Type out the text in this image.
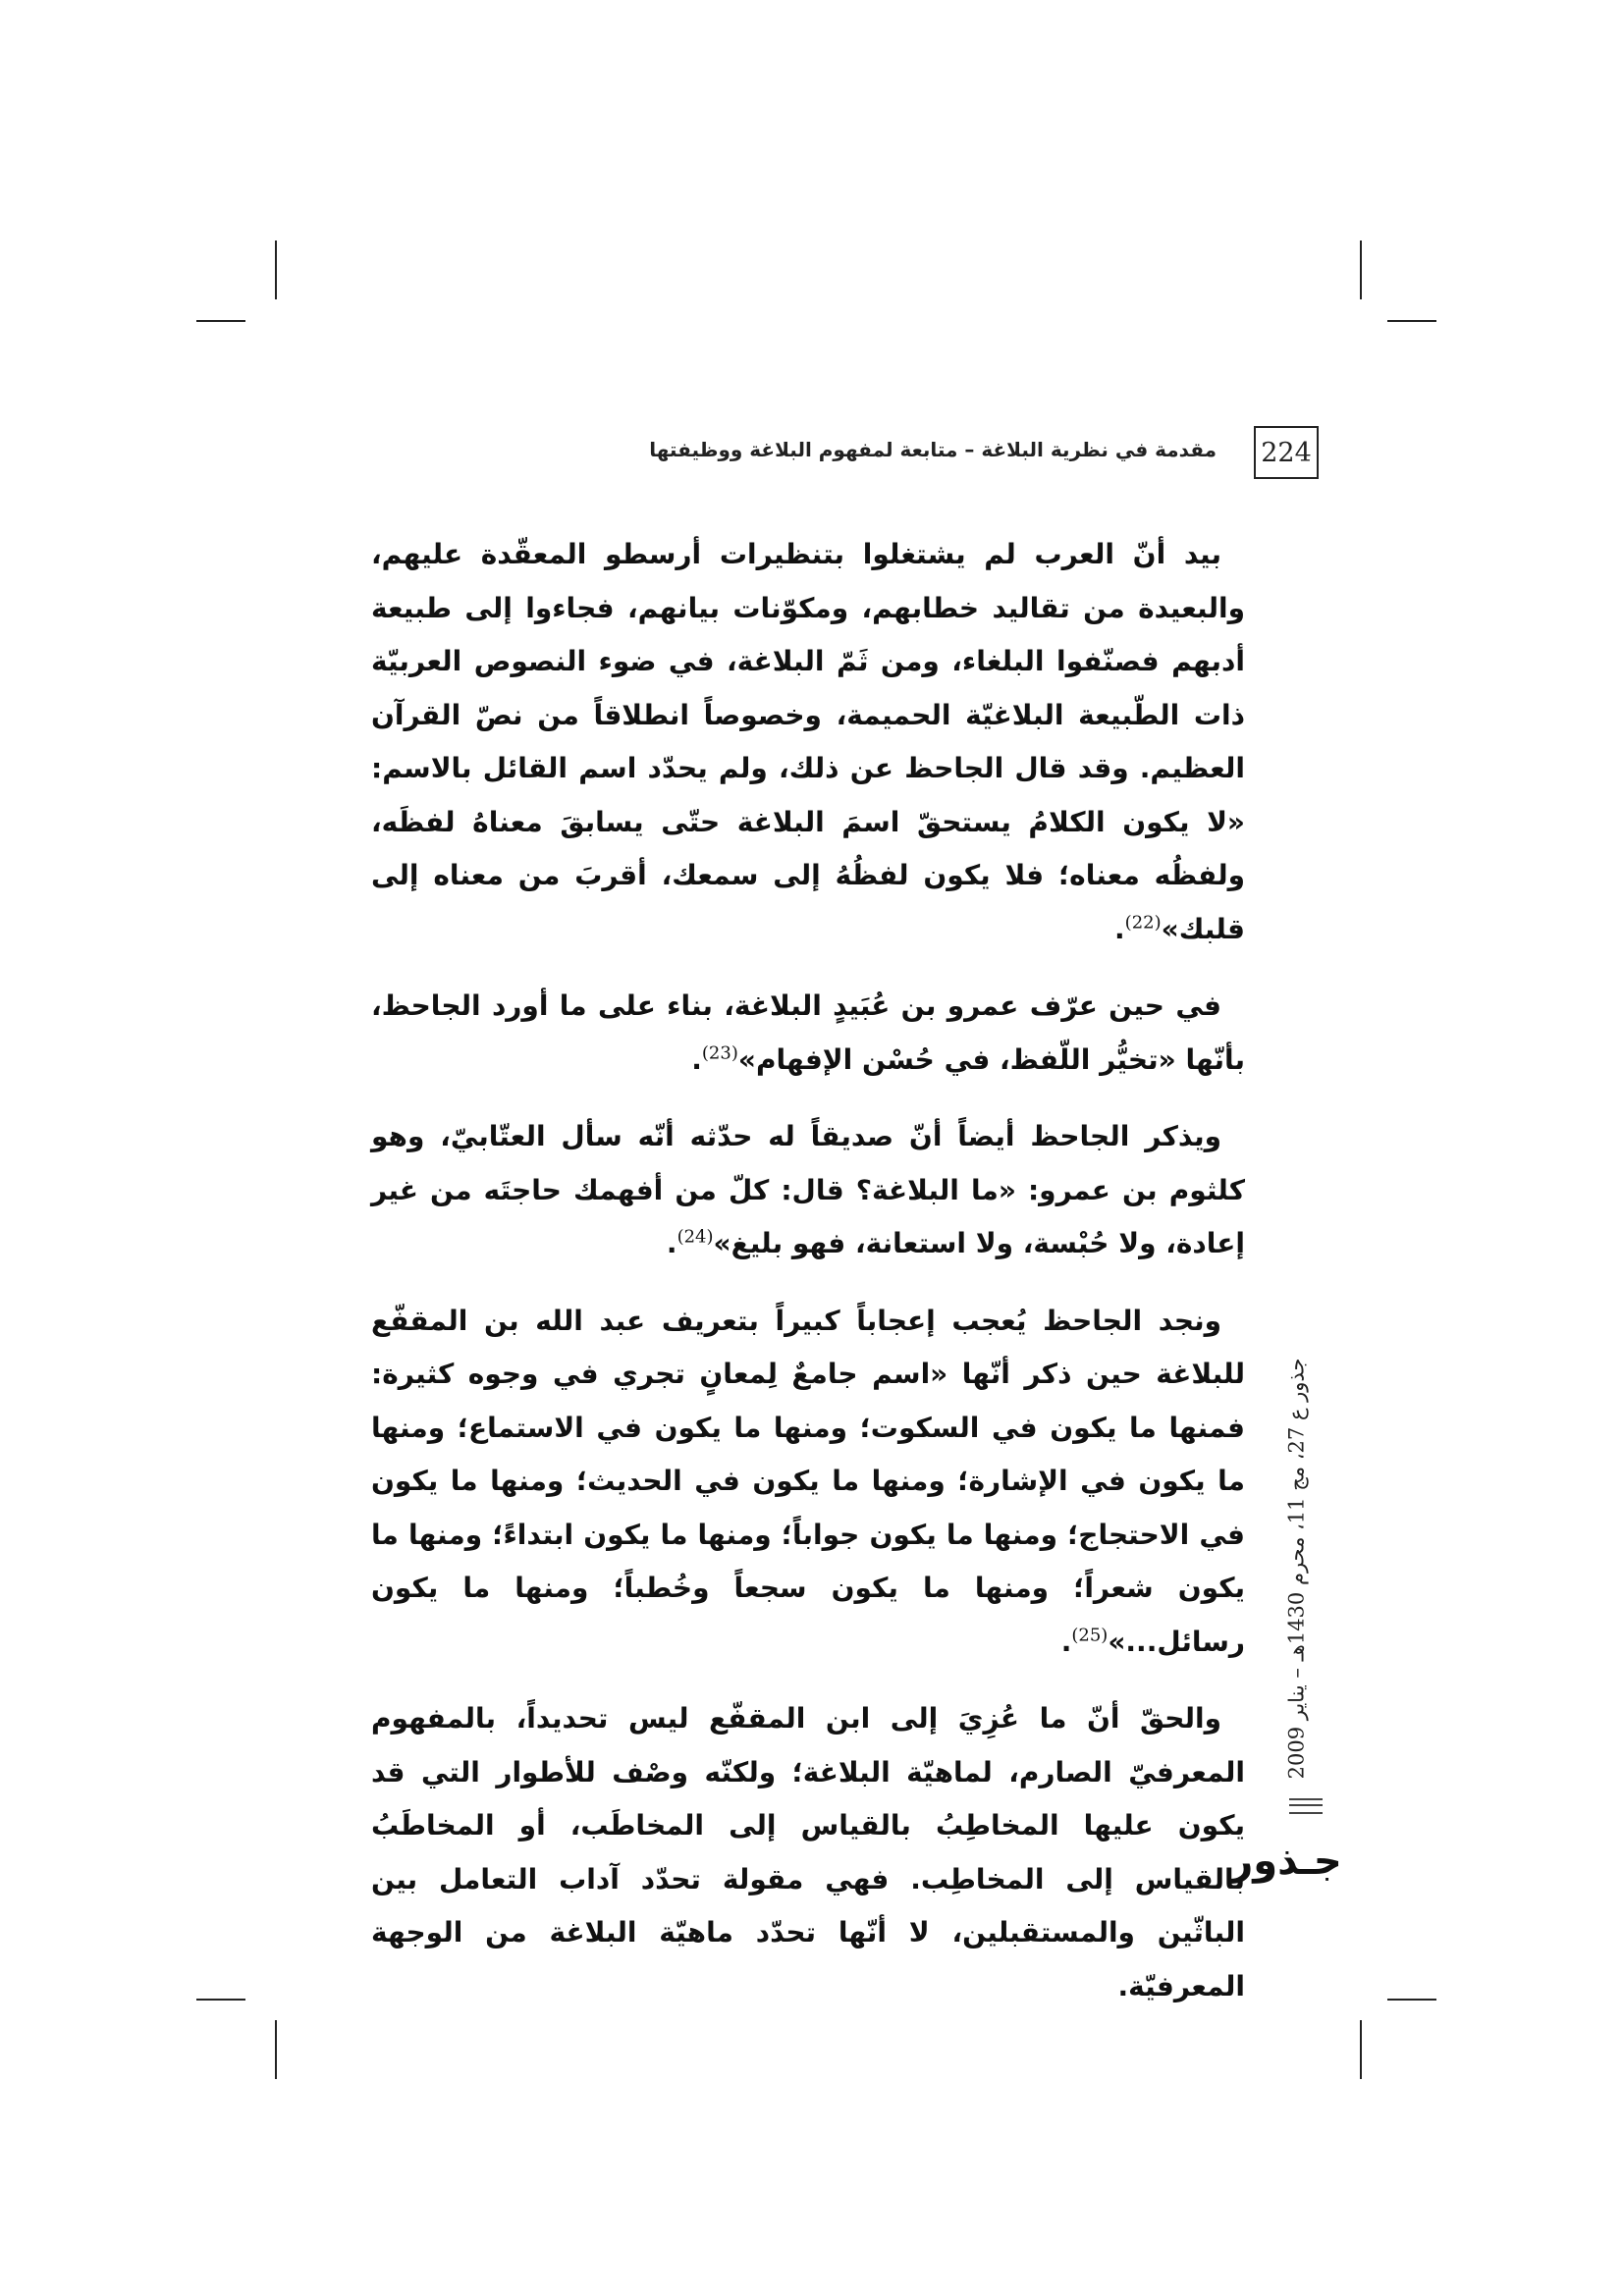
224
مقدمة في نظرية البلاغة – متابعة لمفهوم البلاغة ووظيفتها

بيد أنّ العرب لم يشتغلوا بتنظيرات أرسطو المعقّدة عليهم، والبعيدة من تقاليد خطابهم، ومكوّنات بيانهم، فجاءوا إلى طبيعة أدبهم فصنّفوا البلغاء، ومن ثَمّ البلاغة، في ضوء النصوص العربيّة ذات الطّبيعة البلاغيّة الحميمة، وخصوصاً انطلاقاً من نصّ القرآن العظيم. وقد قال الجاحظ عن ذلك، ولم يحدّد اسم القائل بالاسم: «لا يكون الكلامُ يستحقّ اسمَ البلاغة حتّى يسابقَ معناهُ لفظَه، ولفظُه معناه؛ فلا يكون لفظُهُ إلى سمعك، أقربَ من معناه إلى قلبك»$^{(22)}$.

في حين عرّف عمرو بن عُبَيدٍ البلاغة، بناء على ما أورد الجاحظ، بأنّها «تخيُّر اللّفظ، في حُسْن الإفهام»$^{(23)}$.

ويذكر الجاحظ أيضاً أنّ صديقاً له حدّثه أنّه سأل العتّابيّ، وهو كلثوم بن عمرو: «ما البلاغة؟ قال: كلّ من أفهمك حاجتَه من غير إعادة، ولا حُبْسة، ولا استعانة، فهو بليغ»$^{(24)}$.

ونجد الجاحظ يُعجب إعجاباً كبيراً بتعريف عبد الله بن المقفّع للبلاغة حين ذكر أنّها «اسم جامعٌ لِمعانٍ تجري في وجوه كثيرة: فمنها ما يكون في السكوت؛ ومنها ما يكون في الاستماع؛ ومنها ما يكون في الإشارة؛ ومنها ما يكون في الحديث؛ ومنها ما يكون في الاحتجاج؛ ومنها ما يكون جواباً؛ ومنها ما يكون ابتداءً؛ ومنها ما يكون شعراً؛ ومنها ما يكون سجعاً وخُطباً؛ ومنها ما يكون رسائل...»$^{(25)}$.

والحقّ أنّ ما عُزِيَ إلى ابن المقفّع ليس تحديداً، بالمفهوم المعرفيّ الصارم، لماهيّة البلاغة؛ ولكنّه وصْف للأطوار التي قد يكون عليها المخاطِبُ بالقياس إلى المخاطَب، أو المخاطَبُ بالقياس إلى المخاطِب. فهي مقولة تحدّد آداب التعامل بين الباثّين والمستقبلين، لا أنّها تحدّد ماهيّة البلاغة من الوجهة المعرفيّة.

جذور ع 27، مج 11، محرم 1430هـ – يناير 2009
جـذور
